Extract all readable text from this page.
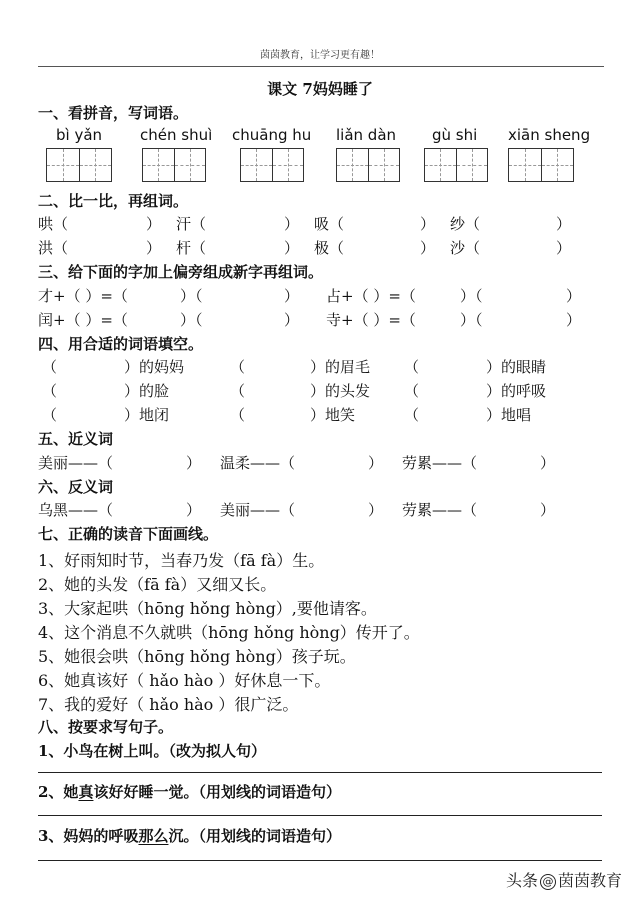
茵茵教育，让学习更有趣！
课文 7妈妈睡了
一、看拼音，写词语。
bì yǎn	chén shuì chuāng hu liǎn dàn gù shi xiān sheng
二、比一比，再组词。
哄（	） 汗（	） 吸（	） 纱（	）
洪（	） 杆（	） 极（	） 沙（	）
三、给下面的字加上偏旁组成新字再组词。
才+（ ）=（	）（	） 占+（ ）=（	）（	）
闰+（ ）=（	）（	） 寺+（ ）=（	）（	）
四、用合适的词语填空。
（	）的妈妈	（	）的眉毛 （	）的眼睛
（	）的脸	（	）的头发 （	）的呼吸
（	）地闭	（	）地笑	（	）地唱
五、近义词
美丽——（	） 温柔——（	） 劳累——（	）
六、反义词
乌黑——（	） 美丽——（	） 劳累——（	）
七、正确的读音下面画线。
1、好雨知时节，当春乃发（fā fà）生。
2、她的头发（fā fà）又细又长。
3、大家起哄（hōng hǒng hòng）,要他请客。
4、这个消息不久就哄（hōng hǒng hòng）传开了。
5、她很会哄（hōng hǒng hòng）孩子玩。
6、她真该好（ hǎo hào ）好休息一下。
7、我的爱好（ hǎo hào ）很广泛。
八、按要求写句子。
1、小鸟在树上叫。（改为拟人句）
2、她真该好好睡一觉。（用划线的词语造句）
3、妈妈的呼吸那么沉。（用划线的词语造句）
头条 @ 茵茵教育
